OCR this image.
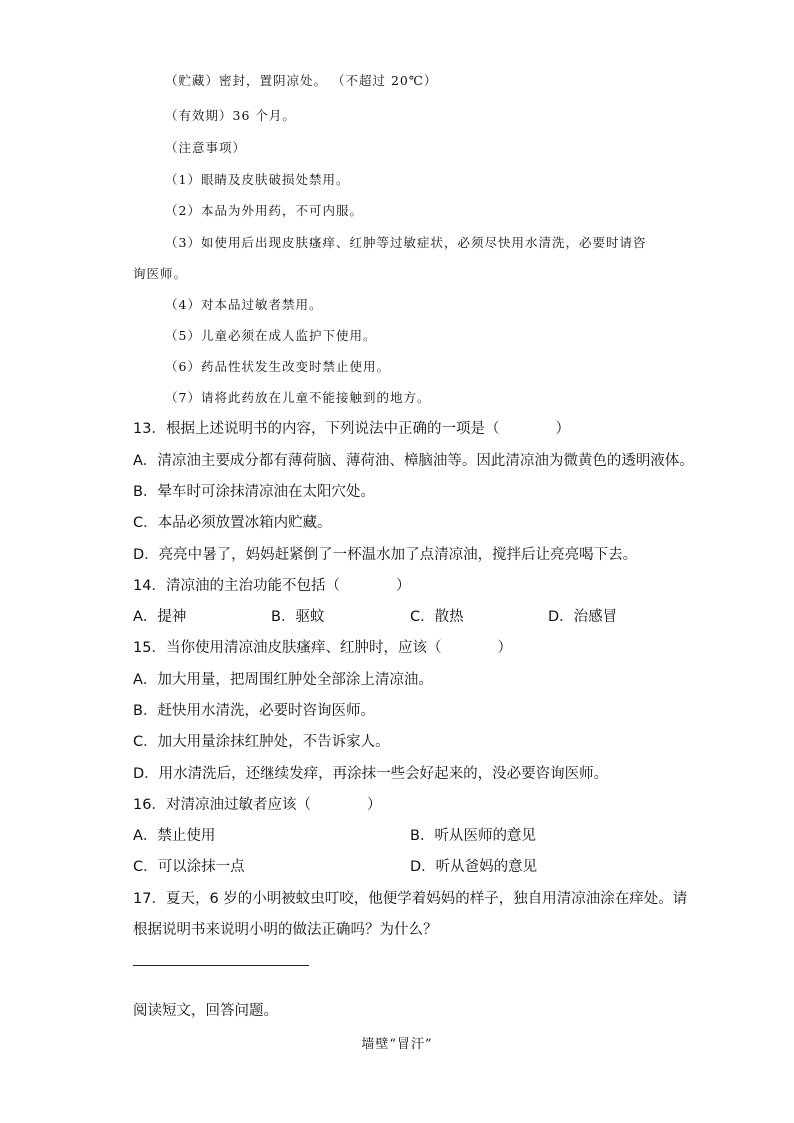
（贮藏）密封，置阴凉处。 （不超过 20℃）
（有效期）36 个月。
（注意事项）
（1）眼睛及皮肤破损处禁用。
（2）本品为外用药，不可内服。
（3）如使用后出现皮肤瘙痒、红肿等过敏症状，必须尽快用水清洗，必要时请咨
询医师。
（4）对本品过敏者禁用。
（5）儿童必须在成人监护下使用。
（6）药品性状发生改变时禁止使用。
（7）请将此药放在儿童不能接触到的地方。
13．根据上述说明书的内容，下列说法中正确的一项是（	）
A．清凉油主要成分都有薄荷脑、薄荷油、樟脑油等。因此清凉油为微黄色的透明液体。
B．晕车时可涂抹清凉油在太阳穴处。
C．本品必须放置冰箱内贮藏。
D．亮亮中暑了，妈妈赶紧倒了一杯温水加了点清凉油，搅拌后让亮亮喝下去。
14．清凉油的主治功能不包括（	）
A．提神	B．驱蚊	C．散热	D．治感冒
15．当你使用清凉油皮肤瘙痒、红肿时，应该（	）
A．加大用量，把周围红肿处全部涂上清凉油。
B．赶快用水清洗，必要时咨询医师。
C．加大用量涂抹红肿处，不告诉家人。
D．用水清洗后，还继续发痒，再涂抹一些会好起来的，没必要咨询医师。
16．对清凉油过敏者应该（	）
A．禁止使用	B．听从医师的意见
C．可以涂抹一点	D．听从爸妈的意见
17．夏天，6 岁的小明被蚊虫叮咬，他便学着妈妈的样子，独自用清凉油涂在痒处。请
根据说明书来说明小明的做法正确吗？为什么？
阅读短文，回答问题。
墙壁“冒汗”
